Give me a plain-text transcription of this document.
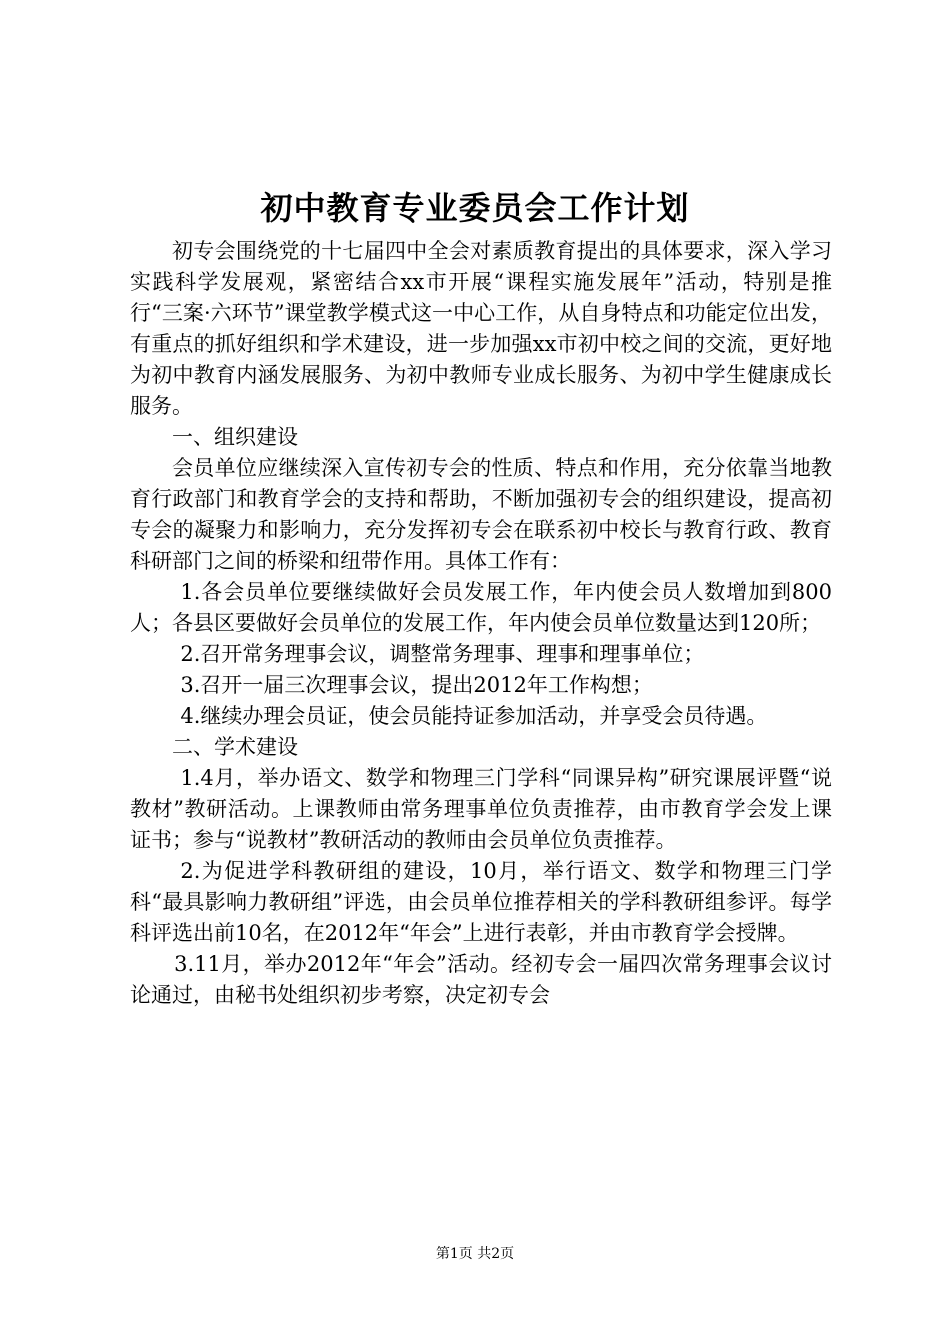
初中教育专业委员会工作计划

初专会围绕党的十七届四中全会对素质教育提出的具体要求，深入学习实践科学发展观，紧密结合xx市开展“课程实施发展年”活动，特别是推行“三案·六环节”课堂教学模式这一中心工作，从自身特点和功能定位出发，有重点的抓好组织和学术建设，进一步加强xx市初中校之间的交流，更好地为初中教育内涵发展服务、为初中教师专业成长服务、为初中学生健康成长服务。

一、组织建设

会员单位应继续深入宣传初专会的性质、特点和作用，充分依靠当地教育行政部门和教育学会的支持和帮助，不断加强初专会的组织建设，提高初专会的凝聚力和影响力，充分发挥初专会在联系初中校长与教育行政、教育科研部门之间的桥梁和纽带作用。具体工作有：

1.各会员单位要继续做好会员发展工作，年内使会员人数增加到800人；各县区要做好会员单位的发展工作，年内使会员单位数量达到120所；

2.召开常务理事会议，调整常务理事、理事和理事单位；

3.召开一届三次理事会议，提出2012年工作构想；

4.继续办理会员证，使会员能持证参加活动，并享受会员待遇。

二、学术建设

1.4月，举办语文、数学和物理三门学科“同课异构”研究课展评暨“说教材”教研活动。上课教师由常务理事单位负责推荐，由市教育学会发上课证书；参与“说教材”教研活动的教师由会员单位负责推荐。

2.为促进学科教研组的建设，10月，举行语文、数学和物理三门学科“最具影响力教研组”评选，由会员单位推荐相关的学科教研组参评。每学科评选出前10名，在2012年“年会”上进行表彰，并由市教育学会授牌。

3.11月，举办2012年“年会”活动。经初专会一届四次常务理事会议讨论通过，由秘书处组织初步考察，决定初专会

第1页 共2页
